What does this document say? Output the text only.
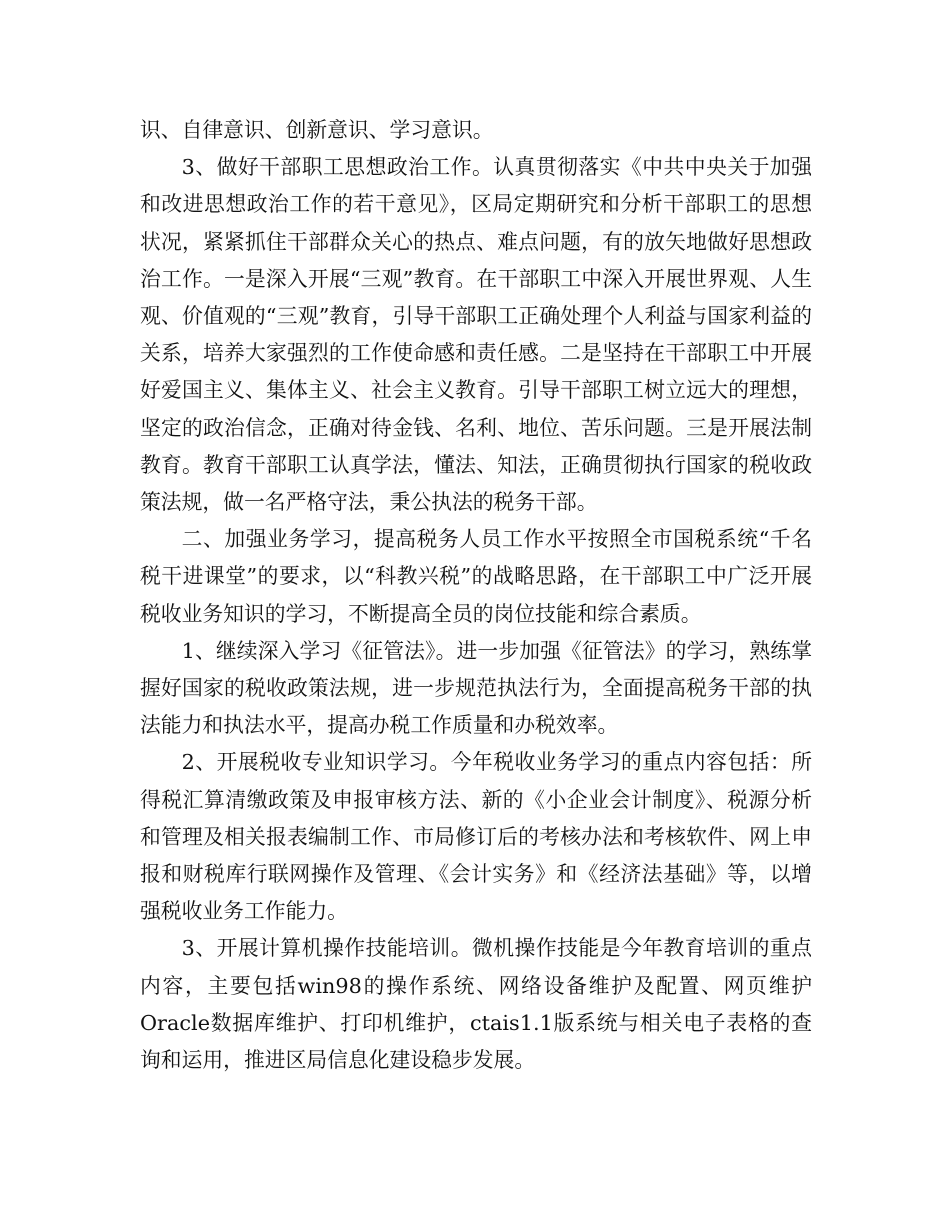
识、自律意识、创新意识、学习意识。

3、做好干部职工思想政治工作。认真贯彻落实《中共中央关于加强和改进思想政治工作的若干意见》，区局定期研究和分析干部职工的思想状况，紧紧抓住干部群众关心的热点、难点问题，有的放矢地做好思想政治工作。一是深入开展“三观”教育。在干部职工中深入开展世界观、人生观、价值观的“三观”教育，引导干部职工正确处理个人利益与国家利益的关系，培养大家强烈的工作使命感和责任感。二是坚持在干部职工中开展好爱国主义、集体主义、社会主义教育。引导干部职工树立远大的理想，坚定的政治信念，正确对待金钱、名利、地位、苦乐问题。三是开展法制教育。教育干部职工认真学法，懂法、知法，正确贯彻执行国家的税收政策法规，做一名严格守法，秉公执法的税务干部。

二、加强业务学习，提高税务人员工作水平按照全市国税系统“千名税干进课堂”的要求，以“科教兴税”的战略思路，在干部职工中广泛开展税收业务知识的学习，不断提高全员的岗位技能和综合素质。

1、继续深入学习《征管法》。进一步加强《征管法》的学习，熟练掌握好国家的税收政策法规，进一步规范执法行为，全面提高税务干部的执法能力和执法水平，提高办税工作质量和办税效率。

2、开展税收专业知识学习。今年税收业务学习的重点内容包括：所得税汇算清缴政策及申报审核方法、新的《小企业会计制度》、税源分析和管理及相关报表编制工作、市局修订后的考核办法和考核软件、网上申报和财税库行联网操作及管理、《会计实务》和《经济法基础》等，以增强税收业务工作能力。

3、开展计算机操作技能培训。微机操作技能是今年教育培训的重点内容，主要包括win98的操作系统、网络设备维护及配置、网页维护Oracle数据库维护、打印机维护，ctais1.1版系统与相关电子表格的查询和运用，推进区局信息化建设稳步发展。
